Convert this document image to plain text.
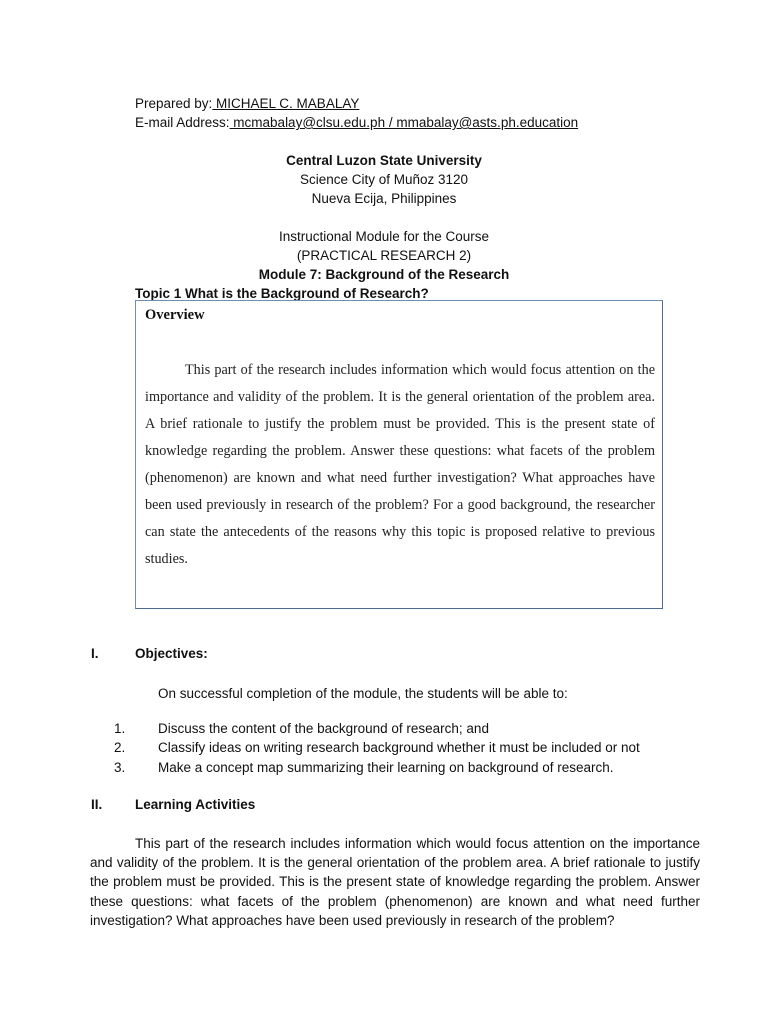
Prepared by: MICHAEL C. MABALAY
E-mail Address: mcmabalay@clsu.edu.ph / mmabalay@asts.ph.education
Central Luzon State University
Science City of Muñoz 3120
Nueva Ecija, Philippines
Instructional Module for the Course
(PRACTICAL RESEARCH 2)
Module 7: Background of the Research
Topic 1 What is the Background of Research?
Overview

This part of the research includes information which would focus attention on the importance and validity of the problem. It is the general orientation of the problem area. A brief rationale to justify the problem must be provided. This is the present state of knowledge regarding the problem. Answer these questions: what facets of the problem (phenomenon) are known and what need further investigation? What approaches have been used previously in research of the problem? For a good background, the researcher can state the antecedents of the reasons why this topic is proposed relative to previous studies.

I.	Objectives:
On successful completion of the module, the students will be able to:
1. Discuss the content of the background of research; and
2. Classify ideas on writing research background whether it must be included or not
3. Make a concept map summarizing their learning on background of research.
II. Learning Activities

This part of the research includes information which would focus attention on the importance and validity of the problem. It is the general orientation of the problem area. A brief rationale to justify the problem must be provided. This is the present state of knowledge regarding the problem. Answer these questions: what facets of the problem (phenomenon) are known and what need further investigation? What approaches have been used previously in research of the problem?
